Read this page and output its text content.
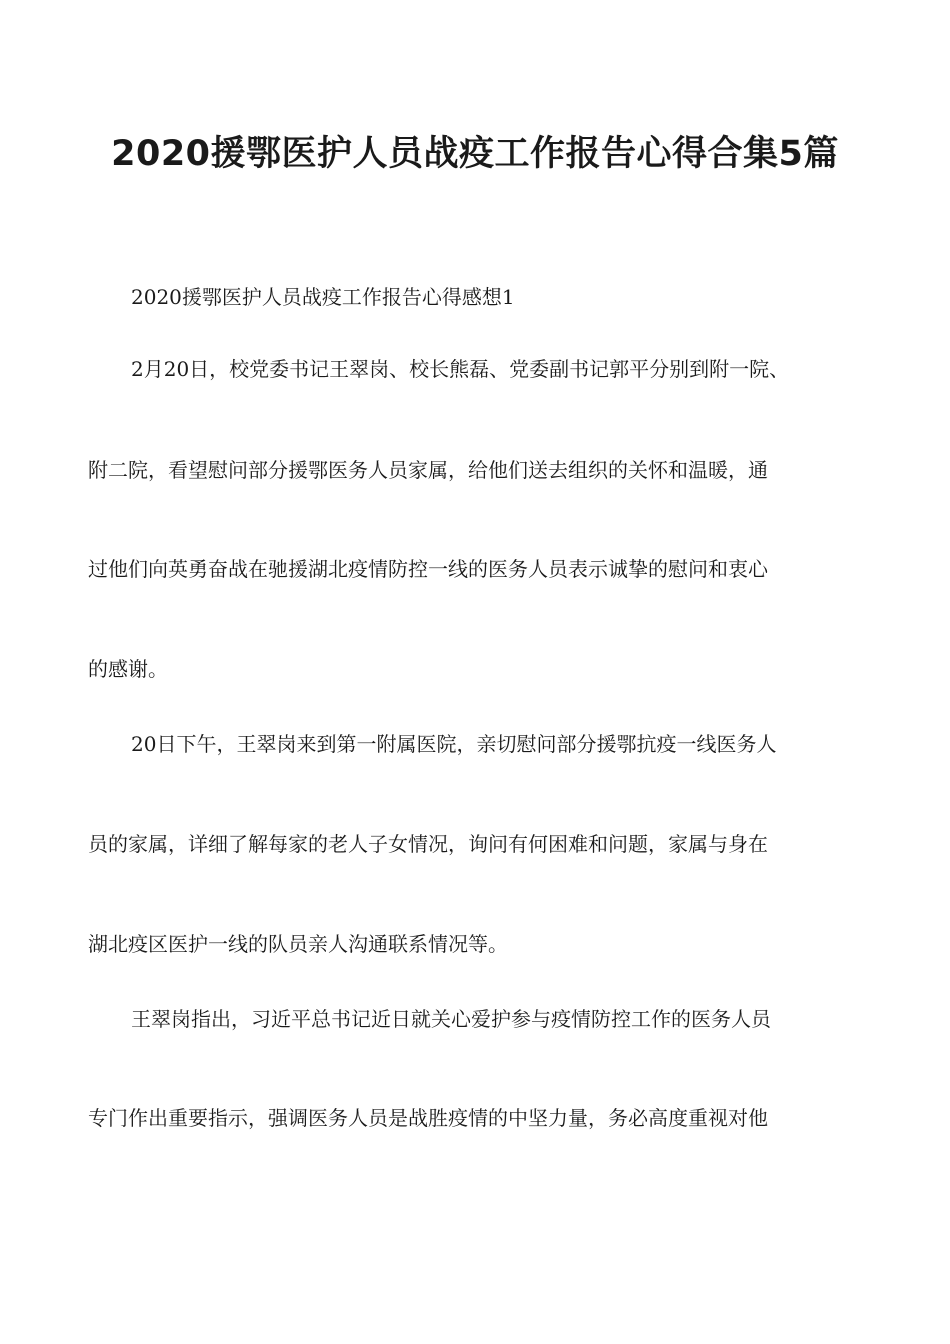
2020援鄂医护人员战疫工作报告心得合集5篇
2020援鄂医护人员战疫工作报告心得感想1
2月20日，校党委书记王翠岗、校长熊磊、党委副书记郭平分别到附一院、
附二院，看望慰问部分援鄂医务人员家属，给他们送去组织的关怀和温暖，通
过他们向英勇奋战在驰援湖北疫情防控一线的医务人员表示诚挚的慰问和衷心
的感谢。
20日下午，王翠岗来到第一附属医院，亲切慰问部分援鄂抗疫一线医务人
员的家属，详细了解每家的老人子女情况，询问有何困难和问题，家属与身在
湖北疫区医护一线的队员亲人沟通联系情况等。
王翠岗指出，习近平总书记近日就关心爱护参与疫情防控工作的医务人员
专门作出重要指示，强调医务人员是战胜疫情的中坚力量，务必高度重视对他
